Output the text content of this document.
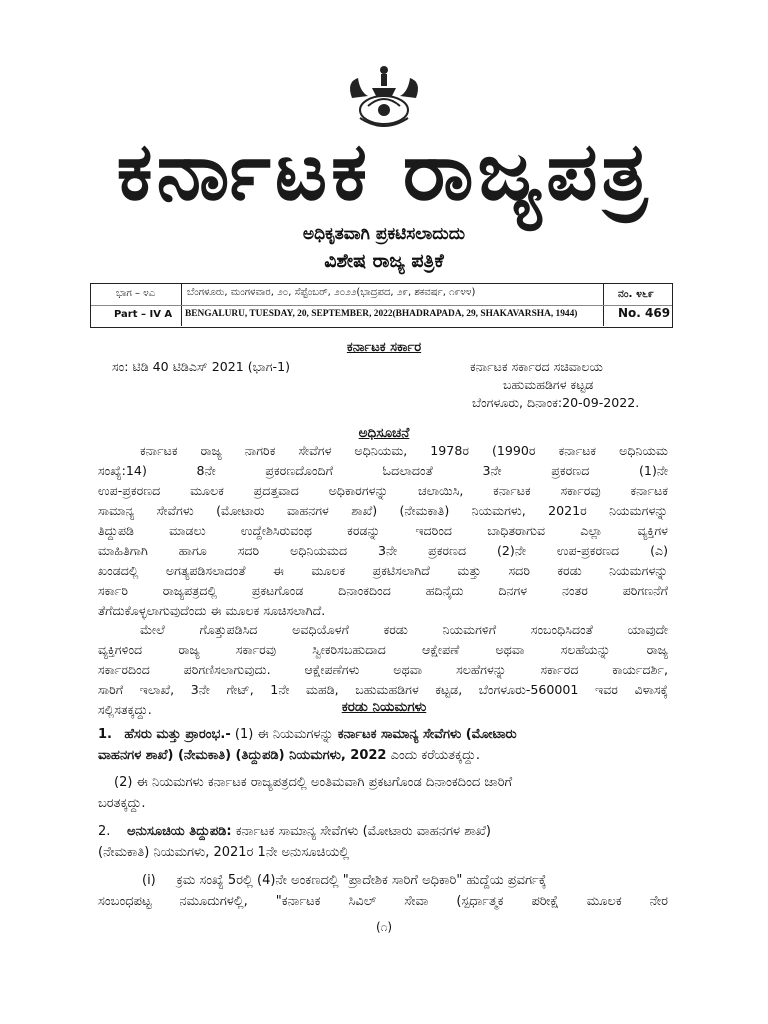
ಕರ್ನಾಟಕ ರಾಜ್ಯಪತ್ರ
ಅಧಿಕೃತವಾಗಿ ಪ್ರಕಟಿಸಲಾದುದು
ವಿಶೇಷ ರಾಜ್ಯ ಪತ್ರಿಕೆ
ಭಾಗ – ೪ಎ
Part – IV A
ಬೆಂಗಳೂರು, ಮಂಗಳವಾರ, ೨೦, ಸೆಪ್ಟೆಂಬರ್, ೨೦೨೨(ಭಾದ್ರಪದ, ೨೯, ಶಕವರ್ಷ, ೧೯೪೪)
BENGALURU, TUESDAY, 20, SEPTEMBER, 2022(BHADRAPADA, 29, SHAKAVARSHA, 1944)
ನಂ. ೪೬೯
No. 469
ಕರ್ನಾಟಕ ಸರ್ಕಾರ
ಸಂ: ಟಿಡಿ 40 ಟಿಡಿಎಸ್ 2021 (ಭಾಗ-1)	ಕರ್ನಾಟಕ ಸರ್ಕಾರದ ಸಚಿವಾಲಯ
ಬಹುಮಹಡಿಗಳ ಕಟ್ಟಡ
ಬೆಂಗಳೂರು, ದಿನಾಂಕ:20-09-2022.
ಅಧಿಸೂಚನೆ
ಕರ್ನಾಟಕ ರಾಜ್ಯ ನಾಗರಿಕ ಸೇವೆಗಳ ಅಧಿನಿಯಮ, 1978ರ (1990ರ ಕರ್ನಾಟಕ ಅಧಿನಿಯಮ
ಸಂಖ್ಯೆ:14) 8ನೇ ಪ್ರಕರಣದೊಂದಿಗೆ ಓದಲಾದಂತೆ 3ನೇ ಪ್ರಕರಣದ (1)ನೇ
ಉಪ-ಪ್ರಕರಣದ ಮೂಲಕ ಪ್ರದತ್ತವಾದ ಅಧಿಕಾರಗಳನ್ನು ಚಲಾಯಿಸಿ, ಕರ್ನಾಟಕ ಸರ್ಕಾರವು ಕರ್ನಾಟಕ
ಸಾಮಾನ್ಯ ಸೇವೆಗಳು (ಮೋಟಾರು ವಾಹನಗಳ ಶಾಖೆ) (ನೇಮಕಾತಿ) ನಿಯಮಗಳು, 2021ರ ನಿಯಮಗಳನ್ನು
ತಿದ್ದುಪಡಿ ಮಾಡಲು ಉದ್ದೇಶಿಸಿರುವಂಥ ಕರಡನ್ನು ಇದರಿಂದ ಬಾಧಿತರಾಗುವ ಎಲ್ಲಾ ವ್ಯಕ್ತಿಗಳ
ಮಾಹಿತಿಗಾಗಿ ಹಾಗೂ ಸದರಿ ಅಧಿನಿಯಮದ 3ನೇ ಪ್ರಕರಣದ (2)ನೇ ಉಪ-ಪ್ರಕರಣದ (ಎ)
ಖಂಡದಲ್ಲಿ ಅಗತ್ಯಪಡಿಸಲಾದಂತೆ ಈ ಮೂಲಕ ಪ್ರಕಟಿಸಲಾಗಿದೆ ಮತ್ತು ಸದರಿ ಕರಡು ನಿಯಮಗಳನ್ನು
ಸರ್ಕಾರಿ ರಾಜ್ಯಪತ್ರದಲ್ಲಿ ಪ್ರಕಟಗೊಂಡ ದಿನಾಂಕದಿಂದ ಹದಿನೈದು ದಿನಗಳ ನಂತರ ಪರಿಗಣನೆಗೆ
ತೆಗೆದುಕೊಳ್ಳಲಾಗುವುದೆಂದು ಈ ಮೂಲಕ ಸೂಚಿಸಲಾಗಿದೆ.
ಮೇಲೆ ಗೊತ್ತುಪಡಿಸಿದ ಅವಧಿಯೊಳಗೆ ಕರಡು ನಿಯಮಗಳಿಗೆ ಸಂಬಂಧಿಸಿದಂತೆ ಯಾವುದೇ
ವ್ಯಕ್ತಿಗಳಿಂದ ರಾಜ್ಯ ಸರ್ಕಾರವು ಸ್ವೀಕರಿಸಬಹುದಾದ ಆಕ್ಷೇಪಣೆ ಅಥವಾ ಸಲಹೆಯನ್ನು ರಾಜ್ಯ
ಸರ್ಕಾರದಿಂದ ಪರಿಗಣಿಸಲಾಗುವುದು. ಆಕ್ಷೇಪಣೆಗಳು ಅಥವಾ ಸಲಹೆಗಳನ್ನು ಸರ್ಕಾರದ ಕಾರ್ಯದರ್ಶಿ,
ಸಾರಿಗೆ ಇಲಾಖೆ, 3ನೇ ಗೇಟ್, 1ನೇ ಮಹಡಿ, ಬಹುಮಹಡಿಗಳ ಕಟ್ಟಡ, ಬೆಂಗಳೂರು-560001 ಇವರ ವಿಳಾಸಕ್ಕೆ
ಸಲ್ಲಿಸತಕ್ಕದ್ದು.	ಕರಡು ನಿಯಮಗಳು
1. ಹೆಸರು ಮತ್ತು ಪ್ರಾರಂಭ.- (1) ಈ ನಿಯಮಗಳನ್ನು ಕರ್ನಾಟಕ ಸಾಮಾನ್ಯ ಸೇವೆಗಳು (ಮೋಟಾರು
ವಾಹನಗಳ ಶಾಖೆ) (ನೇಮಕಾತಿ) (ತಿದ್ದುಪಡಿ) ನಿಯಮಗಳು, 2022 ಎಂದು ಕರೆಯತಕ್ಕದ್ದು.
(2) ಈ ನಿಯಮಗಳು ಕರ್ನಾಟಕ ರಾಜ್ಯಪತ್ರದಲ್ಲಿ ಅಂತಿಮವಾಗಿ ಪ್ರಕಟಗೊಂಡ ದಿನಾಂಕದಿಂದ ಜಾರಿಗೆ
ಬರತಕ್ಕದ್ದು.
2. ಅನುಸೂಚಿಯ ತಿದ್ದುಪಡಿ: ಕರ್ನಾಟಕ ಸಾಮಾನ್ಯ ಸೇವೆಗಳು (ಮೋಟಾರು ವಾಹನಗಳ ಶಾಖೆ)
(ನೇಮಕಾತಿ) ನಿಯಮಗಳು, 2021ರ 1ನೇ ಅನುಸೂಚಿಯಲ್ಲಿ
(i) ಕ್ರಮ ಸಂಖ್ಯೆ 5ರಲ್ಲಿ (4)ನೇ ಅಂಕಣದಲ್ಲಿ "ಪ್ರಾದೇಶಿಕ ಸಾರಿಗೆ ಅಧಿಕಾರಿ" ಹುದ್ದೆಯ ಪ್ರವರ್ಗಕ್ಕೆ
ಸಂಬಂಧಪಟ್ಟ ನಮೂದುಗಳಲ್ಲಿ, "ಕರ್ನಾಟಕ ಸಿವಿಲ್ ಸೇವಾ (ಸ್ಪರ್ಧಾತ್ಮಕ ಪರೀಕ್ಷೆ ಮೂಲಕ ನೇರ
(೧)
